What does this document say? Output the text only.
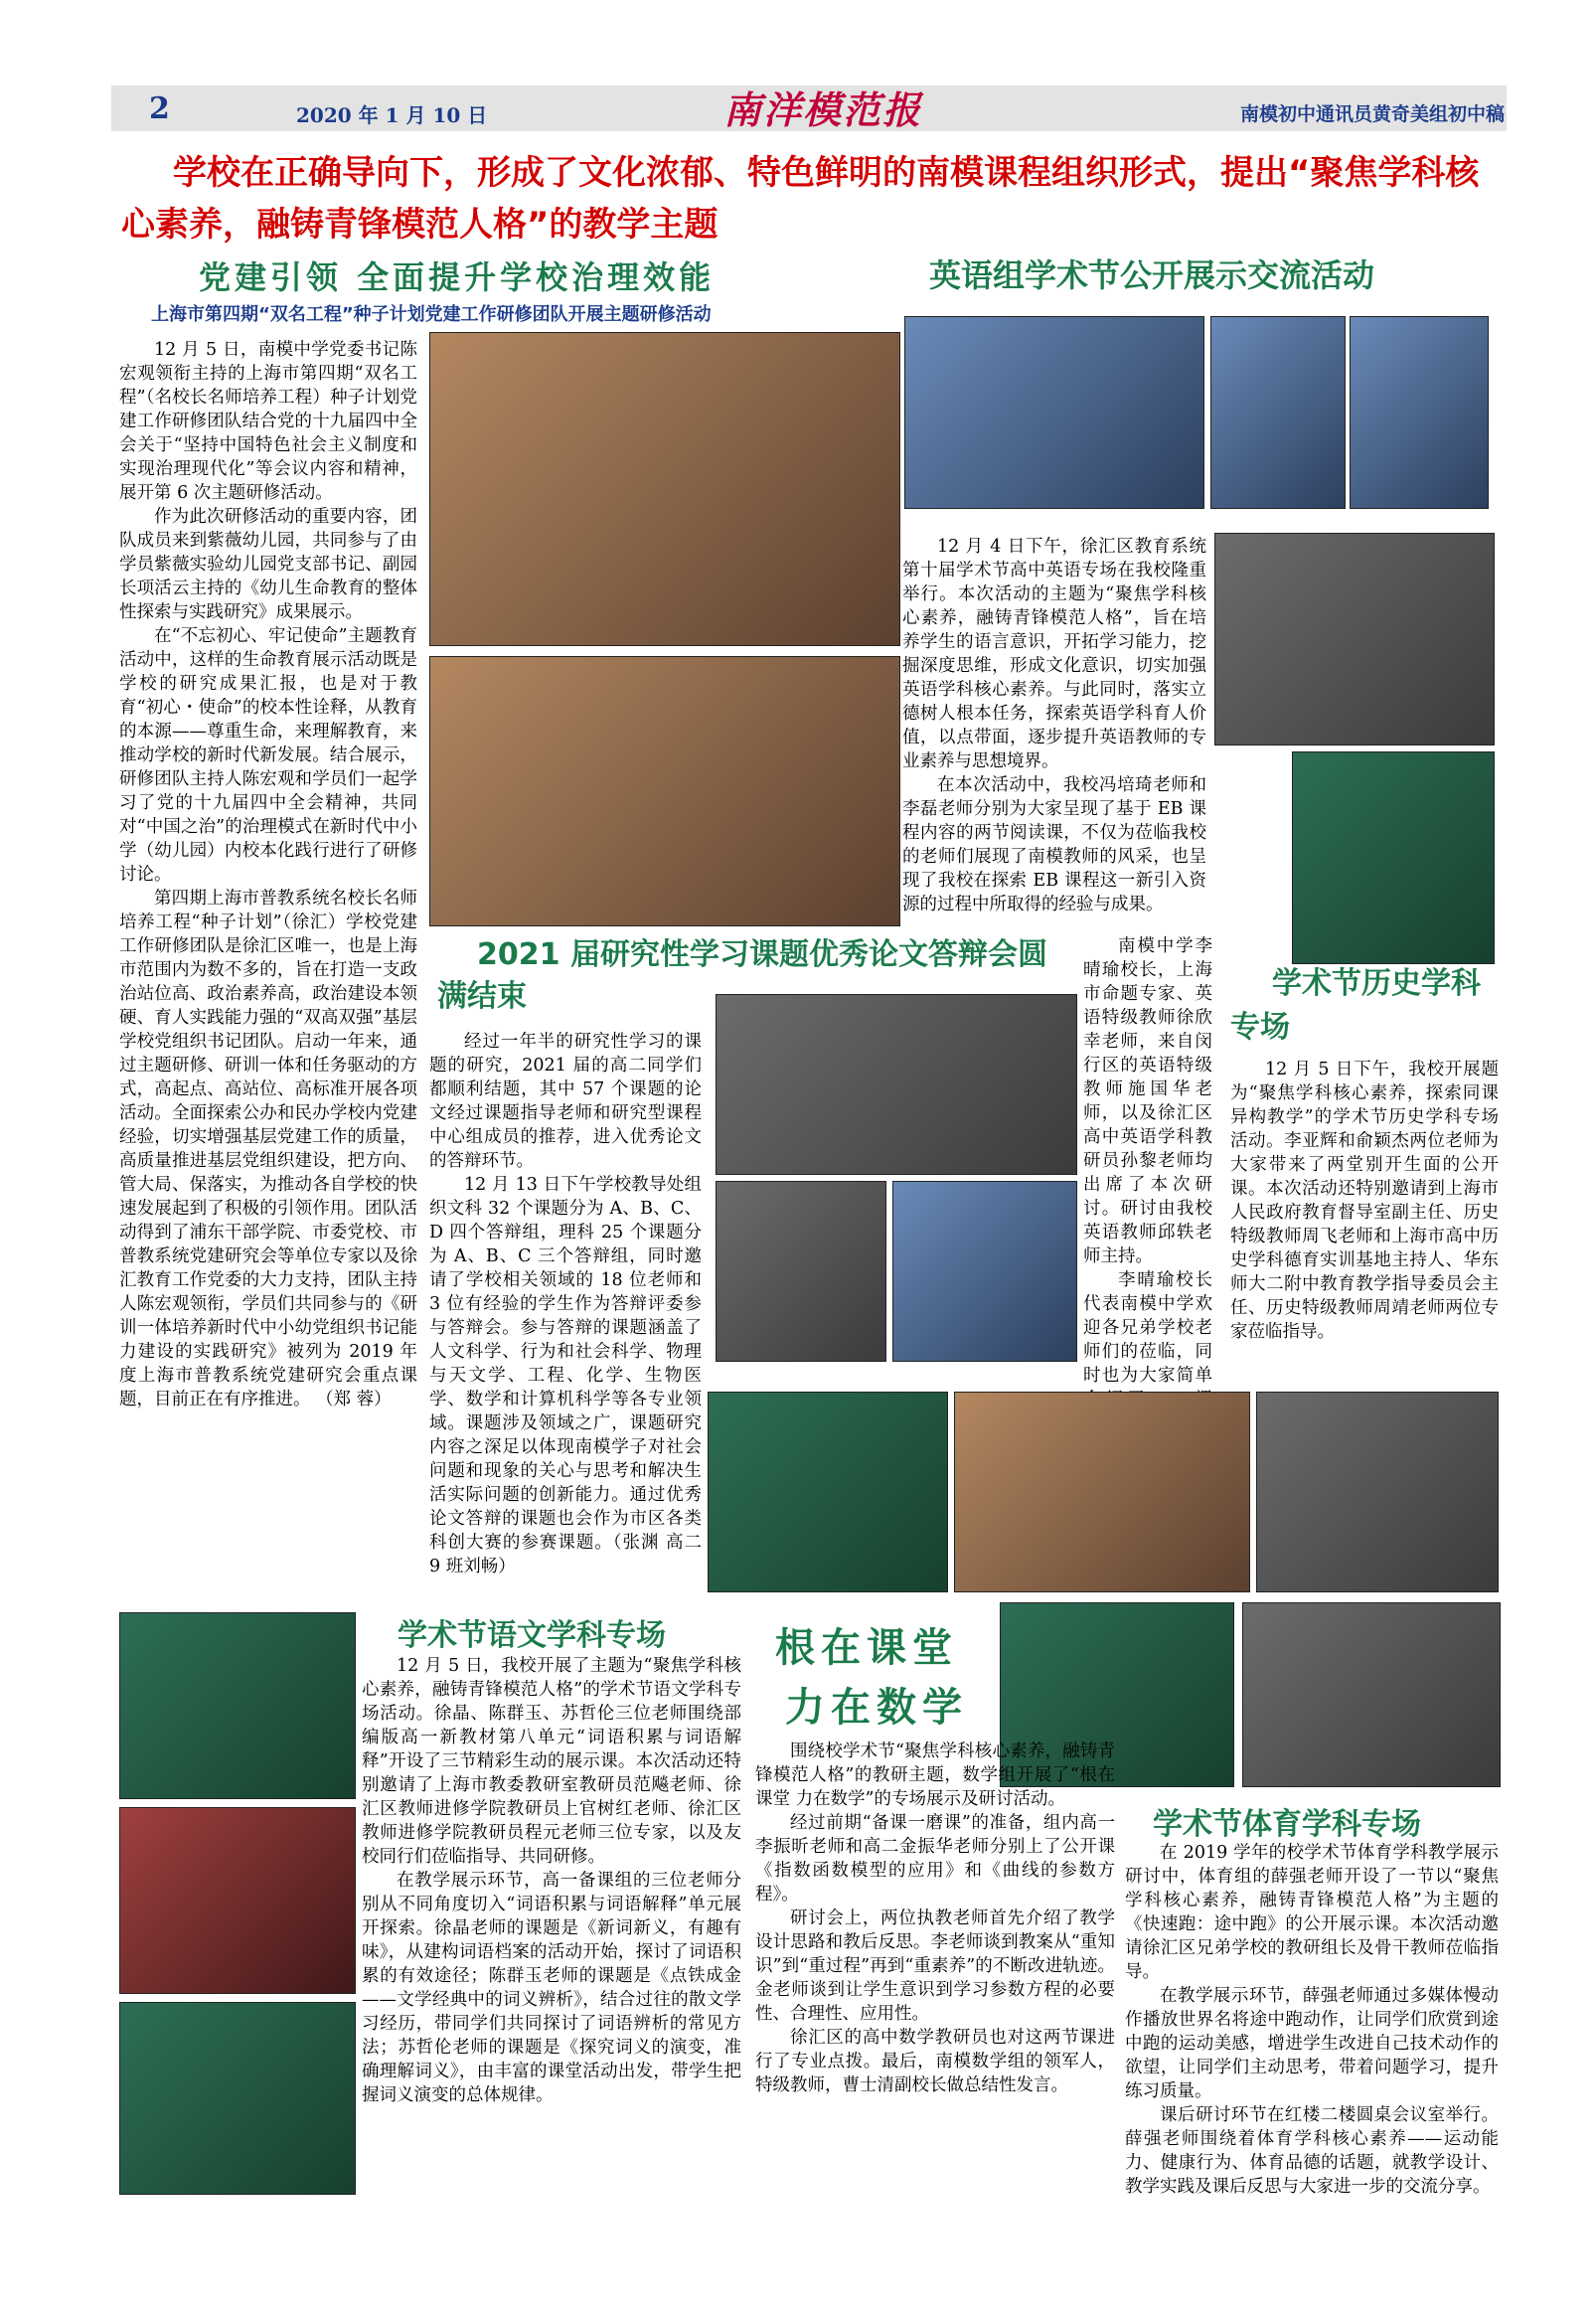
2	2020 年 1 月 10 日	南洋模范报	南模初中通讯员黄奇美组初中稿
学校在正确导向下，形成了文化浓郁、特色鲜明的南模课程组织形式，提出“聚焦学科核心素养，融铸青锋模范人格”的教学主题
党建引领 全面提升学校治理效能
上海市第四期“双名工程”种子计划党建工作研修团队开展主题研修活动

12 月 5 日，南模中学党委书记陈宏观领衔主持的上海市第四期“双名工程”（名校长名师培养工程）种子计划党建工作研修团队结合党的十九届四中全会关于“坚持中国特色社会主义制度和实现治理现代化”等会议内容和精神，展开第 6 次主题研修活动。

作为此次研修活动的重要内容，团队成员来到紫薇幼儿园，共同参与了由学员紫薇实验幼儿园党支部书记、副园长项活云主持的《幼儿生命教育的整体性探索与实践研究》成果展示。

在“不忘初心、牢记使命”主题教育活动中，这样的生命教育展示活动既是学校的研究成果汇报，也是对于教育“初心・使命”的校本性诠释，从教育的本源——尊重生命，来理解教育，来推动学校的新时代新发展。结合展示，研修团队主持人陈宏观和学员们一起学习了党的十九届四中全会精神，共同对“中国之治”的治理模式在新时代中小学（幼儿园）内校本化践行进行了研修讨论。

第四期上海市普教系统名校长名师培养工程“种子计划”（徐汇）学校党建工作研修团队是徐汇区唯一，也是上海市范围内为数不多的，旨在打造一支政治站位高、政治素养高，政治建设本领硬、育人实践能力强的“双高双强”基层学校党组织书记团队。启动一年来，通过主题研修、研训一体和任务驱动的方式，高起点、高站位、高标准开展各项活动。全面探索公办和民办学校内党建经验，切实增强基层党建工作的质量，高质量推进基层党组织建设，把方向、管大局、保落实，为推动各自学校的快速发展起到了积极的引领作用。团队活动得到了浦东干部学院、市委党校、市普教系统党建研究会等单位专家以及徐汇教育工作党委的大力支持，团队主持人陈宏观领衔，学员们共同参与的《研训一体培养新时代中小幼党组织书记能力建设的实践研究》被列为 2019 年度上海市普教系统党建研究会重点课题，目前正在有序推进。 （郑 蓉）

英语组学术节公开展示交流活动

12 月 4 日下午，徐汇区教育系统第十届学术节高中英语专场在我校隆重举行。本次活动的主题为“聚焦学科核心素养，融铸青锋模范人格”，旨在培养学生的语言意识，开拓学习能力，挖掘深度思维，形成文化意识，切实加强英语学科核心素养。与此同时，落实立德树人根本任务，探索英语学科育人价值，以点带面，逐步提升英语教师的专业素养与思想境界。

在本次活动中，我校冯培琦老师和李磊老师分别为大家呈现了基于 EB 课程内容的两节阅读课，不仅为莅临我校的老师们展现了南模教师的风采，也呈现了我校在探索 EB 课程这一新引入资源的过程中所取得的经验与成果。

南模中学李晴瑜校长，上海市命题专家、英语特级教师徐欣幸老师，来自闵行区的英语特级教师施国华老师，以及徐汇区高中英语学科教研员孙黎老师均出席了本次研讨。研讨由我校英语教师邱轶老师主持。

李晴瑜校长代表南模中学欢迎各兄弟学校老师们的莅临，同时也为大家简单

2021 届研究性学习课题优秀论文答辩会圆满结束

经过一年半的研究性学习的课题的研究，2021 届的高二同学们都顺利结题，其中 57 个课题的论文经过课题指导老师和研究型课程中心组成员的推荐，进入优秀论文的答辩环节。

12 月 13 日下午学校教导处组织文科 32 个课题分为 A、B、C、D 四个答辩组，理科 25 个课题分为 A、B、C 三个答辩组，同时邀请了学校相关领域的 18 位老师和 3 位有经验的学生作为答辩评委参与答辩会。参与答辩的课题涵盖了人文科学、行为和社会科学、物理与天文学、工程、化学、生物医学、数学和计算机科学等各专业领域。课题涉及领域之广，课题研究内容之深足以体现南模学子对社会问题和现象的关心与思考和解决生活实际问题的创新能力。通过优秀论文答辩的课题也会作为市区各类科创大赛的参赛课题。（张渊 高二 9 班刘畅）

学术节历史学科专场

12 月 5 日下午，我校开展题为“聚焦学科核心素养，探索同课异构教学”的学术节历史学科专场活动。李亚辉和俞颖杰两位老师为大家带来了两堂别开生面的公开课。本次活动还特别邀请到上海市人民政府教育督导室副主任、历史特级教师周飞老师和上海市高中历史学科德育实训基地主持人、华东师大二附中教育教学指导委员会主任、历史特级教师周靖老师两位专家莅临指导。

学术节语文学科专场

12 月 5 日，我校开展了主题为“聚焦学科核心素养，融铸青锋模范人格”的学术节语文学科专场活动。徐晶、陈群玉、苏哲伦三位老师围绕部编版高一新教材第八单元“词语积累与词语解释”开设了三节精彩生动的展示课。本次活动还特别邀请了上海市教委教研室教研员范飚老师、徐汇区教师进修学院教研员上官树红老师、徐汇区教师进修学院教研员程元老师三位专家，以及友校同行们莅临指导、共同研修。

在教学展示环节，高一备课组的三位老师分别从不同角度切入“词语积累与词语解释”单元展开探索。徐晶老师的课题是《新词新义，有趣有味》，从建构词语档案的活动开始，探讨了词语积累的有效途径；陈群玉老师的课题是《点铁成金——文学经典中的词义辨析》，结合过往的散文学习经历，带同学们共同探讨了词语辨析的常见方法；苏哲伦老师的课题是《探究词义的演变，准确理解词义》，由丰富的课堂活动出发，带学生把握词义演变的总体规律。

根在课堂
力在数学

围绕校学术节“聚焦学科核心素养，融铸青锋模范人格”的教研主题，数学组开展了“根在课堂 力在数学”的专场展示及研讨活动。

经过前期“备课一磨课”的准备，组内高一李振昕老师和高二金振华老师分别上了公开课《指数函数模型的应用》和《曲线的参数方程》。

研讨会上，两位执教老师首先介绍了教学设计思路和教后反思。李老师谈到教案从“重知识”到“重过程”再到“重素养”的不断改进轨迹。金老师谈到让学生意识到学习参数方程的必要性、合理性、应用性。

徐汇区的高中数学教研员也对这两节课进行了专业点拨。最后，南模数学组的领军人，特级教师，曹士清副校长做总结性发言。

学术节体育学科专场

在 2019 学年的校学术节体育学科教学展示研讨中，体育组的薛强老师开设了一节以“聚焦学科核心素养，融铸青锋模范人格”为主题的《快速跑：途中跑》的公开展示课。本次活动邀请徐汇区兄弟学校的教研组长及骨干教师莅临指导。

在教学展示环节，薛强老师通过多媒体慢动作播放世界名将途中跑动作，让同学们欣赏到途中跑的运动美感，增进学生改进自己技术动作的欲望，让同学们主动思考，带着问题学习，提升练习质量。

课后研讨环节在红楼二楼圆桌会议室举行。薛强老师围绕着体育学科核心素养——运动能力、健康行为、体育品德的话题，就教学设计、教学实践及课后反思与大家进一步的交流分享。
